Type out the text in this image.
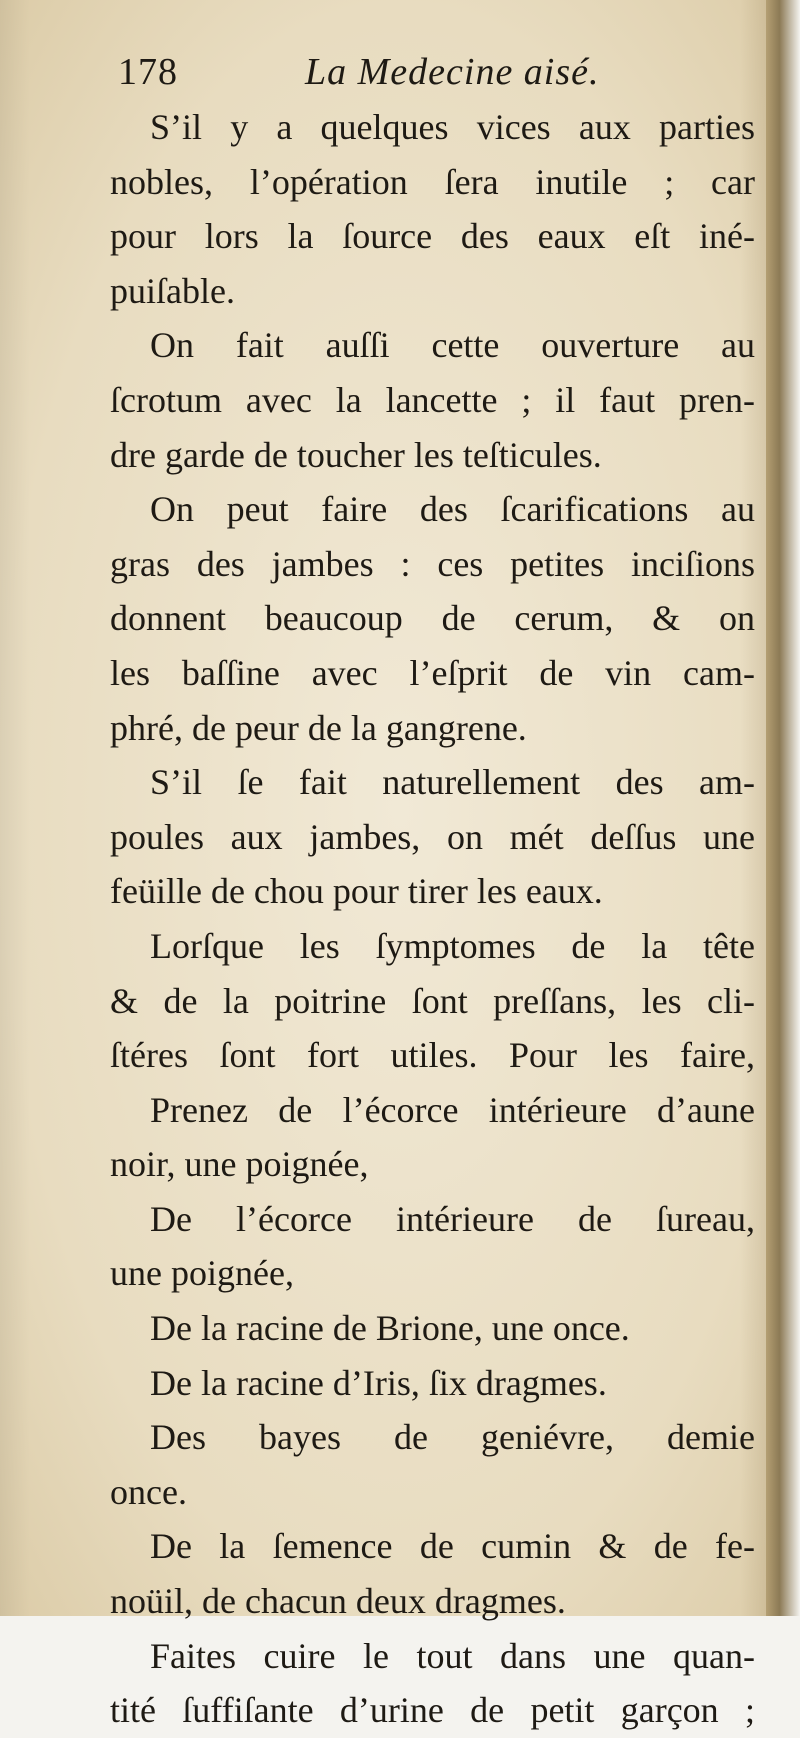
178	La Medecine aisé.
S’il y a quelques vices aux parties
nobles, l’opération ſera inutile ; car
pour lors la ſource des eaux eſt iné-
puiſable.
On fait auſſi cette ouverture au
ſcrotum avec la lancette ; il faut pren-
dre garde de toucher les teſticules.
On peut faire des ſcarifications au
gras des jambes : ces petites inciſions
donnent beaucoup de cerum, & on
les baſſine avec l’eſprit de vin cam-
phré, de peur de la gangrene.
S’il ſe fait naturellement des am-
poules aux jambes, on mét deſſus une
feüille de chou pour tirer les eaux.
Lorſque les ſymptomes de la tête
& de la poitrine ſont preſſans, les cli-
ſtéres ſont fort utiles. Pour les faire,
Prenez de l’écorce intérieure d’aune
noir, une poignée,
De l’écorce intérieure de ſureau,
une poignée,
De la racine de Brione, une once.
De la racine d’Iris, ſix dragmes.
Des bayes de geniévre, demie
once.
De la ſemence de cumin & de fe-
noüil, de chacun deux dragmes.
Faites cuire le tout dans une quan-
tité ſuffiſante d’urine de petit garçon ;
